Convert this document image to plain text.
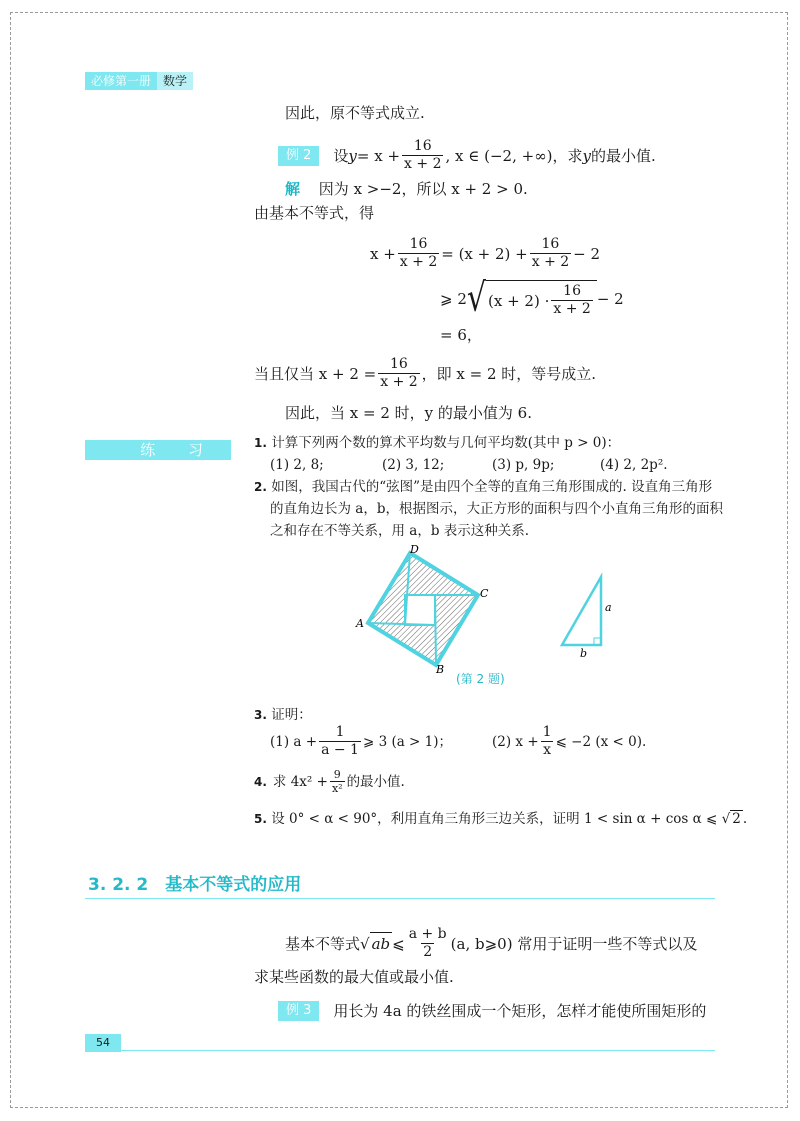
必修第一册	数学
因此，原不等式成立.
例 2	设 $y = x + \frac{16}{x + 2}$ , x ∈ (−2, +∞)，求 y 的最小值.
解 因为 x >−2，所以 x + 2 > 0.
由基本不等式，得
$x + \frac{16}{x + 2} = (x + 2) + \frac{16}{x + 2} - 2$
⩾ 2 √ $(x + 2) \cdot \frac{16}{x + 2} - 2$
= 6，
当且仅当 $x + 2 = \frac{16}{x + 2}$ ，即 x = 2 时，等号成立.
因此，当 x = 2 时，y 的最小值为 6.
练 习	1. 计算下列两个数的算术平均数与几何平均数(其中 p > 0)：
(1) 2, 8;	(2) 3, 12;	(3) p, 9p;	(4) 2, 2p².
2. 如图，我国古代的“弦图”是由四个全等的直角三角形围成的. 设直角三角形
的直角边长为 a，b，根据图示，大正方形的面积与四个小直角三角形的面积
之和存在不等关系，用 a，b 表示这种关系.
D
C
A
B
a
b
(第 2 题)
3. 证明：
(1) $a + \frac{1}{a - 1}$ ⩾ 3 (a > 1)；	(2) $x + \frac{1}{x}$ ⩽ −2 (x < 0).
4. 求 $4x^2 + \frac{9}{\text{x²}}$ 的最小值.
5. 设 0° < α < 90°，利用直角三角形三边关系，证明 1 < sin α + cos α ⩽ √ 2 .
3. 2. 2　基本不等式的应用
基本不等式 √ ab ⩽ $\frac{a + b}{2} (a$, b⩾0) 常用于证明一些不等式以及
求某些函数的最大值或最小值.
例 3	用长为 4a 的铁丝围成一个矩形，怎样才能使所围矩形的
54
